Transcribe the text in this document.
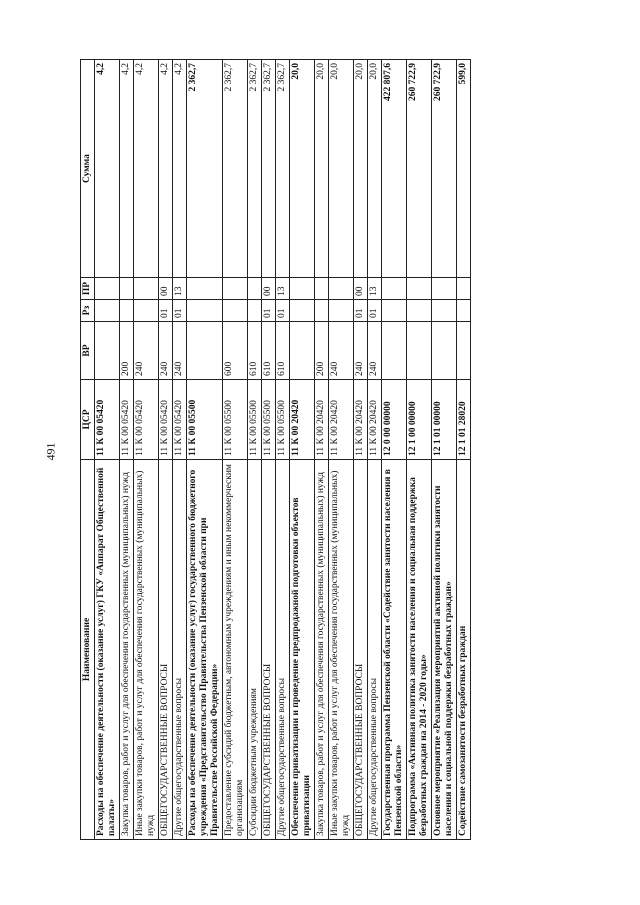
491
Наименование	ЦСР	ВР	Рз	ПР	Сумма
Расходы на обеспечение деятельности (оказание услуг) ГКУ «Аппарат Общественной палаты»	11 К 00 05420				4,2
Закупка товаров, работ и услуг для обеспечения государственных (муниципальных) нужд	11 К 00 05420	200			4,2
Иные закупки товаров, работ и услуг для обеспечения государственных (муниципальных) нужд	11 К 00 05420	240			4,2
ОБЩЕГОСУДАРСТВЕННЫЕ ВОПРОСЫ	11 К 00 05420	240	01	00	4,2
Другие общегосударственные вопросы	11 К 00 05420	240	01	13	4,2
Расходы на обеспечение деятельности (оказание услуг) государственного бюджетного учреждения «Представительство Правительства Пензенской области при Правительстве Российской Федерации»	11 К 00 05500				2 362,7
Предоставление субсидий бюджетным, автономным учреждениям и иным некоммерческим организациям	11 К 00 05500	600			2 362,7
Субсидии бюджетным учреждениям	11 К 00 05500	610			2 362,7
ОБЩЕГОСУДАРСТВЕННЫЕ ВОПРОСЫ	11 К 00 05500	610	01	00	2 362,7
Другие общегосударственные вопросы	11 К 00 05500	610	01	13	2 362,7
Обеспечение приватизации и проведение предпродажной подготовки объектов приватизации	11 К 00 20420				20,0
Закупка товаров, работ и услуг для обеспечения государственных (муниципальных) нужд	11 К 00 20420	200			20,0
Иные закупки товаров, работ и услуг для обеспечения государственных (муниципальных) нужд	11 К 00 20420	240			20,0
ОБЩЕГОСУДАРСТВЕННЫЕ ВОПРОСЫ	11 К 00 20420	240	01	00	20,0
Другие общегосударственные вопросы	11 К 00 20420	240	01	13	20,0
Государственная программа Пензенской области «Содействие занятости населения в Пензенской области»	12 0 00 00000				422 807,6
Подпрограмма «Активная политика занятости населения и социальная поддержка безработных граждан на 2014 - 2020 годы»	12 1 00 00000				260 722,9
Основное мероприятие «Реализация мероприятий активной политики занятости населения и социальной поддержки безработных граждан»	12 1 01 00000				260 722,9
Содействие самозанятости безработных граждан	12 1 01 28020				599,0
